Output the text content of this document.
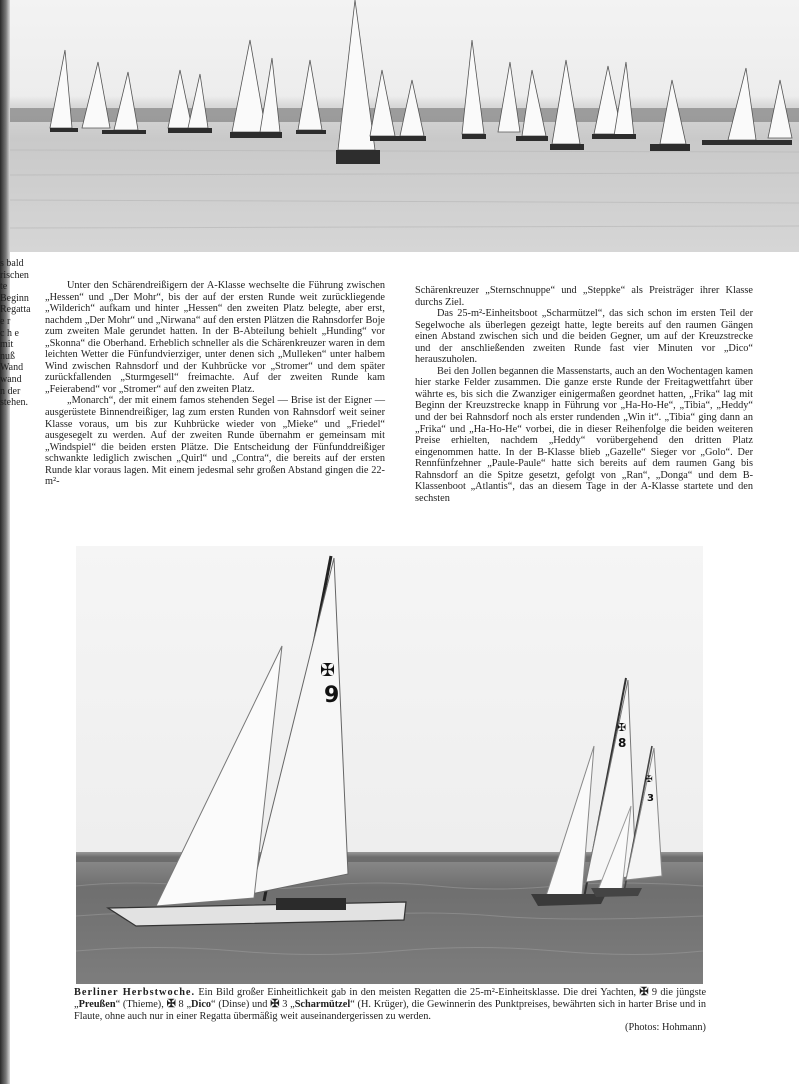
s bald
rischen
te
Beginn
Regatta
e r
c h e
mit
nuß
Wand
wand
n der
stehen.

Unter den Schärendreißigern der A-Klasse wechselte die Führung zwischen „Hessen“ und „Der Mohr“, bis der auf der ersten Runde weit zurückliegende „Wilderich“ aufkam und hinter „Hessen“ den zweiten Platz belegte, aber erst, nachdem „Der Mohr“ und „Nirwana“ auf den ersten Plätzen die Rahnsdorfer Boje zum zweiten Male gerundet hatten. In der B-Abteilung behielt „Hunding“ vor „Skonna“ die Oberhand. Erheblich schneller als die Schärenkreuzer waren in dem leichten Wetter die Fünfundvierziger, unter denen sich „Mulleken“ unter halbem Wind zwischen Rahnsdorf und der Kuhbrücke vor „Stromer“ und dem später zurückfallenden „Sturmgesell“ freimachte. Auf der zweiten Runde kam „Feierabend“ vor „Stromer“ auf den zweiten Platz.

„Monarch“, der mit einem famos stehenden Segel — Brise ist der Eigner — ausgerüstete Binnendreißiger, lag zum ersten Runden von Rahnsdorf weit seiner Klasse voraus, um bis zur Kuhbrücke wieder von „Mieke“ und „Friedel“ ausgesegelt zu werden. Auf der zweiten Runde übernahm er gemeinsam mit „Windspiel“ die beiden ersten Plätze. Die Entscheidung der Fünfunddreißiger schwankte lediglich zwischen „Quirl“ und „Contra“, die bereits auf der ersten Runde klar voraus lagen. Mit einem jedesmal sehr großen Abstand gingen die 22-m²-

Schärenkreuzer „Sternschnuppe“ und „Steppke“ als Preisträger ihrer Klasse durchs Ziel.

Das 25-m²-Einheitsboot „Scharmützel“, das sich schon im ersten Teil der Segelwoche als überlegen gezeigt hatte, legte bereits auf den raumen Gängen einen Abstand zwischen sich und die beiden Gegner, um auf der Kreuzstrecke und der anschließenden zweiten Runde fast vier Minuten vor „Dico“ herauszuholen.

Bei den Jollen begannen die Massenstarts, auch an den Wochentagen kamen hier starke Felder zusammen. Die ganze erste Runde der Freitagwettfahrt über währte es, bis sich die Zwanziger einigermaßen geordnet hatten, „Frika“ lag mit Beginn der Kreuzstrecke knapp in Führung vor „Ha-Ho-He“, „Tibia“, „Heddy“ und der bei Rahnsdorf noch als erster rundenden „Win it“. „Tibia“ ging dann an „Frika“ und „Ha-Ho-He“ vorbei, die in dieser Reihenfolge die beiden weiteren Preise erhielten, nachdem „Heddy“ vorübergehend den dritten Platz eingenommen hatte. In der B-Klasse blieb „Gazelle“ Sieger vor „Golo“. Der Rennfünfzehner „Paule-Paule“ hatte sich bereits auf dem raumen Gang bis Rahnsdorf an die Spitze gesetzt, gefolgt von „Ran“, „Donga“ und dem B-Klassenboot „Atlantis“, das an diesem Tage in der A-Klasse startete und den sechsten

✠
✠
✠
9
8
3
Berliner Herbstwoche. Ein Bild großer Einheitlichkeit gab in den meisten Regatten die 25-m²-Einheitsklasse. Die drei Yachten, ✠ 9 die jüngste „Preußen“ (Thieme), ✠ 8 „Dico“ (Dinse) und ✠ 3 „Scharmützel“ (H. Krüger), die Gewinnerin des Punktpreises, bewährten sich in harter Brise und in Flaute, ohne auch nur in einer Regatta übermäßig weit auseinandergerissen zu werden.
(Photos: Hohmann)
